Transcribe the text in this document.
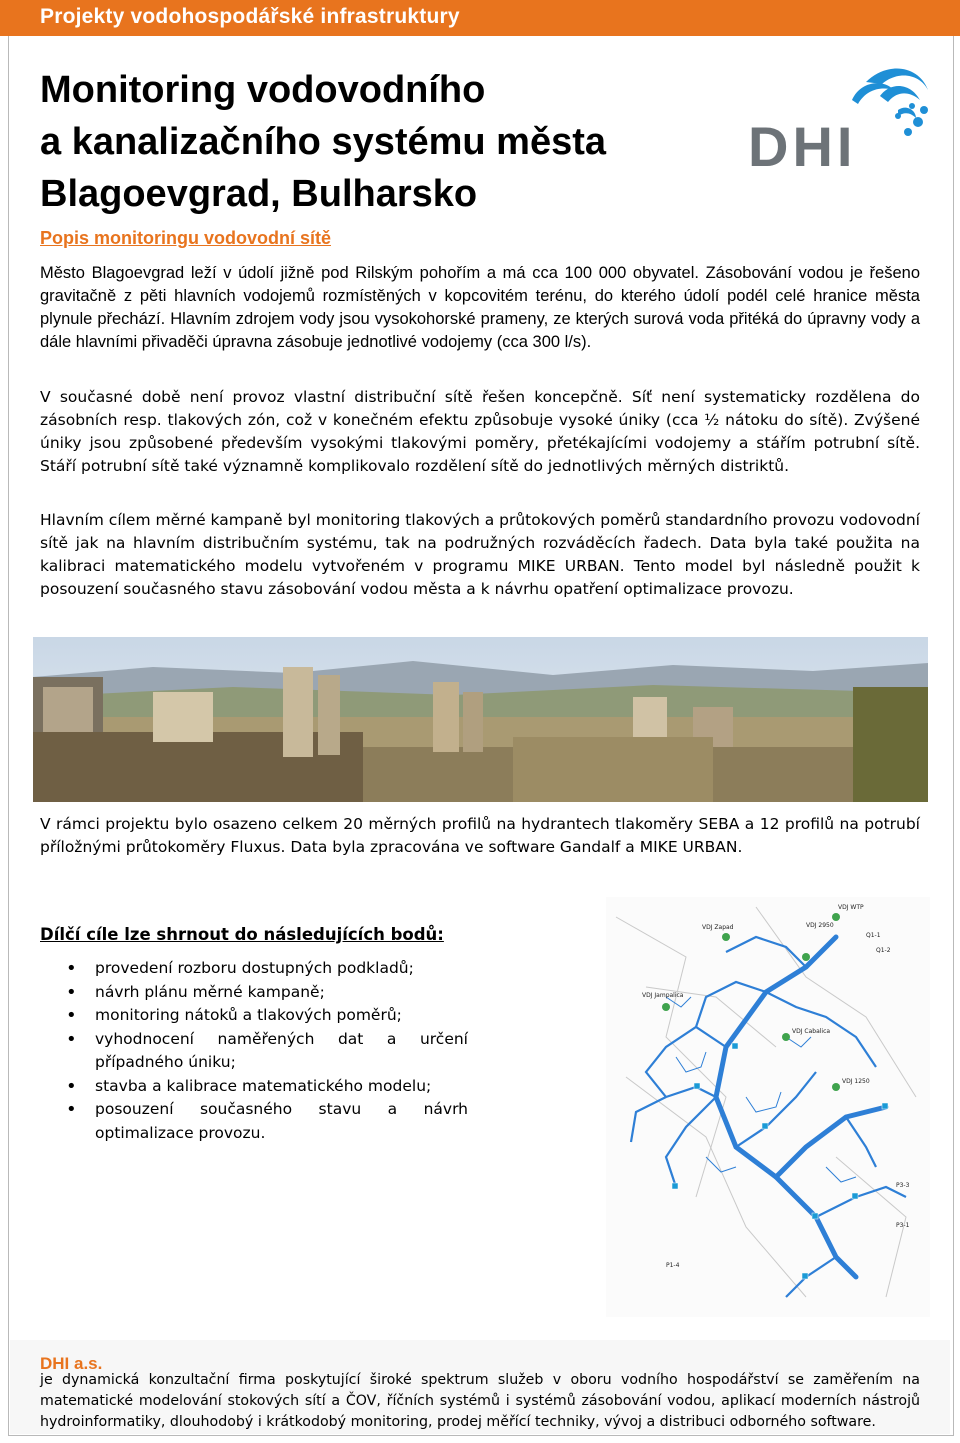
Projekty vodohospodářské infrastruktury
Monitoring vodovodního
a kanalizačního systému města
Blagoevgrad, Bulharsko
DHI
Popis monitoringu vodovodní sítě
Město Blagoevgrad leží v údolí jižně pod Rilským pohořím a má cca 100 000 obyvatel. Zásobování vodou je řešeno gravitačně z pěti hlavních vodojemů rozmístěných v kopcovitém terénu, do kterého údolí podél celé hranice města plynule přechází. Hlavním zdrojem vody jsou vysokohorské prameny, ze kterých surová voda přitéká do úpravny vody a dále hlavními přivaděči úpravna zásobuje jednotlivé vodojemy (cca 300 l/s).
V současné době není provoz vlastní distribuční sítě řešen koncepčně. Síť není systematicky rozdělena do zásobních resp. tlakových zón, což v konečném efektu způsobuje vysoké úniky (cca ½ nátoku do sítě). Zvýšené úniky jsou způsobené především vysokými tlakovými poměry, přetékajícími vodojemy a stářím potrubní sítě. Stáří potrubní sítě také významně komplikovalo rozdělení sítě do jednotlivých měrných distriktů.
Hlavním cílem měrné kampaně byl monitoring tlakových a průtokových poměrů standardního provozu vodovodní sítě jak na hlavním distribučním systému, tak na podružných rozváděcích řadech. Data byla také použita na kalibraci matematického modelu vytvořeném v programu MIKE URBAN. Tento model byl následně použit k posouzení současného stavu zásobování vodou města a k návrhu opatření optimalizace provozu.
V rámci projektu bylo osazeno celkem 20 měrných profilů na hydrantech tlakoměry SEBA a 12 profilů na potrubí příložnými průtokoměry Fluxus. Data byla zpracována ve software Gandalf a MIKE URBAN.
Dílčí cíle lze shrnout do následujících bodů:
• provedení rozboru dostupných podkladů;
• návrh plánu měrné kampaně;
• monitoring nátoků a tlakových poměrů;
• vyhodnocení naměřených dat a určení případného úniku;
• stavba a kalibrace matematického modelu;
• posouzení současného stavu a návrh optimalizace provozu.
VDJ WTP
VDJ Zapad	VDJ 2950
VDJ Jampalica
VDJ Cabalica
VDJ 1250
Q1-1
P3-3
P1-4
P3-1
Q1-2
DHI a.s.
je dynamická konzultační firma poskytující široké spektrum služeb v oboru vodního hospodářství se zaměřením na matematické modelování stokových sítí a ČOV, říčních systémů i systémů zásobování vodou, aplikací moderních nástrojů hydroinformatiky, dlouhodobý i krátkodobý monitoring, prodej měřící techniky, vývoj a distribuci odborného software.
